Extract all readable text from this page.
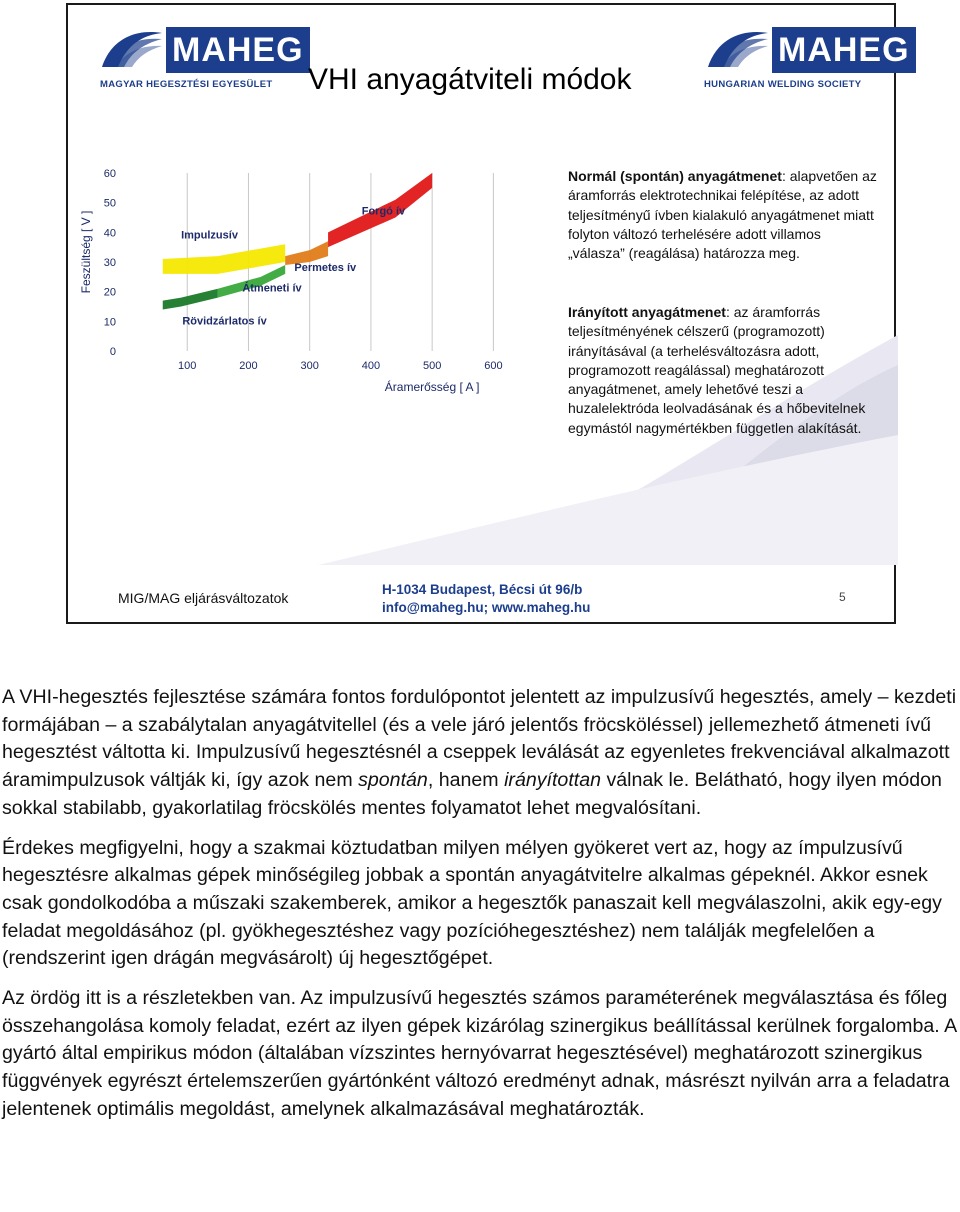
MAHEG
MAGYAR HEGESZTÉSI EGYESÜLET
MAHEG
HUNGARIAN WELDING SOCIETY
VHI anyagátviteli módok
Rövidzárlatos ív
Átmeneti ív
Impulzusív
Permetes ív
Forgó ív
0
10
20
30
40
50
60
100	200	300	400	500	600
Feszültség [ V ]
Áramerősség [ A ]
Normál (spontán) anyagátmenet: alapvetően az áramforrás elektrotechnikai felépítése, az adott teljesítményű ívben kialakuló anyagátmenet miatt folyton változó terhelésére adott villamos „válasza” (reagálása) határozza meg.
Irányított anyagátmenet: az áramforrás teljesítményének célszerű (programozott) irányításával (a terhelésváltozásra adott, programozott reagálással) meghatározott anyagátmenet, amely lehetővé teszi a huzalelektróda leolvadásának és a hőbevitelnek egymástól nagymértékben független alakítását.
MIG/MAG eljárásváltozatok
H-1034 Budapest, Bécsi út 96/b
info@maheg.hu; www.maheg.hu
5

A VHI-hegesztés fejlesztése számára fontos fordulópontot jelentett az impulzusívű hegesztés, amely – kezdeti formájában – a szabálytalan anyagátvitellel (és a vele járó jelentős fröcsköléssel) jellemezhető átmeneti ívű hegesztést váltotta ki. Impulzusívű hegesztésnél a cseppek leválását az egyenletes frekvenciával alkalmazott áramimpulzusok váltják ki, így azok nem spontán, hanem irányítottan válnak le. Belátható, hogy ilyen módon sokkal stabilabb, gyakorlatilag fröcskölés mentes folyamatot lehet megvalósítani.

Érdekes megfigyelni, hogy a szakmai köztudatban milyen mélyen gyökeret vert az, hogy az ímpulzusívű hegesztésre alkalmas gépek minőségileg jobbak a spontán anyagátvitelre alkalmas gépeknél. Akkor esnek csak gondolkodóba a műszaki szakemberek, amikor a hegesztők panaszait kell megválaszolni, akik egy-egy feladat megoldásához (pl. gyökhegesztéshez vagy pozícióhegesztéshez) nem találják megfelelően a (rendszerint igen drágán megvásárolt) új hegesztőgépet.

Az ördög itt is a részletekben van. Az impulzusívű hegesztés számos paraméterének megválasztása és főleg összehangolása komoly feladat, ezért az ilyen gépek kizárólag szinergikus beállítással kerülnek forgalomba. A gyártó által empirikus módon (általában vízszintes hernyóvarrat hegesztésével) meghatározott szinergikus függvények egyrészt értelemszerűen gyártónként változó eredményt adnak, másrészt nyilván arra a feladatra jelentenek optimális megoldást, amelynek alkalmazásával meghatározták.
